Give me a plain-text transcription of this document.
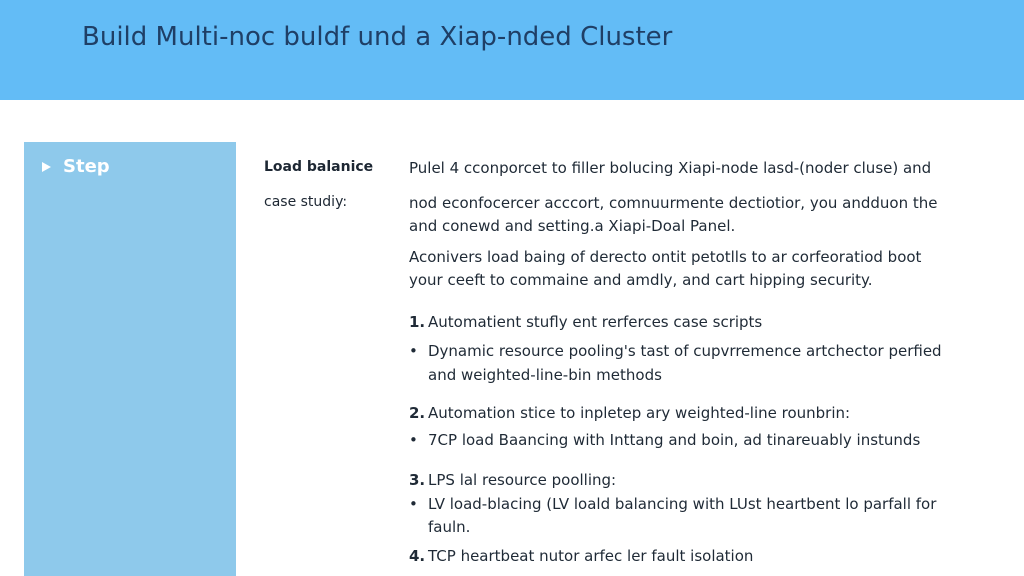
Build Multi-noc buldf und a Xiap-nded Cluster
Step	Load balanice
case studiy:
Pulel 4 cconporcet to filler bolucing Xiapi-node lasd-(noder cluse) and
nod econfocercer acccort, comnuurmente dectiotior, you andduon the
and conewd and setting.a Xiapi-Doal Panel.
Aconivers load baing of derecto ontit petotlls to ar corfeoratiod boot
your ceeft to commaine and amdly, and cart hipping security.
1. Automatient stufly ent rerferces case scripts
• Dynamic resource pooling's tast of cupvrremence artchector perfied
and weighted-line-bin methods
2. Automation stice to inpletep ary weighted-line rounbrin:
• 7CP load Baancing with Inttang and boin, ad tinareuably instunds
3. LPS lal resource poolling:
• LV load-blacing (LV loald balancing with LUst heartbent lo parfall for
fauln.
4. TCP heartbeat nutor arfec ler fault isolation
